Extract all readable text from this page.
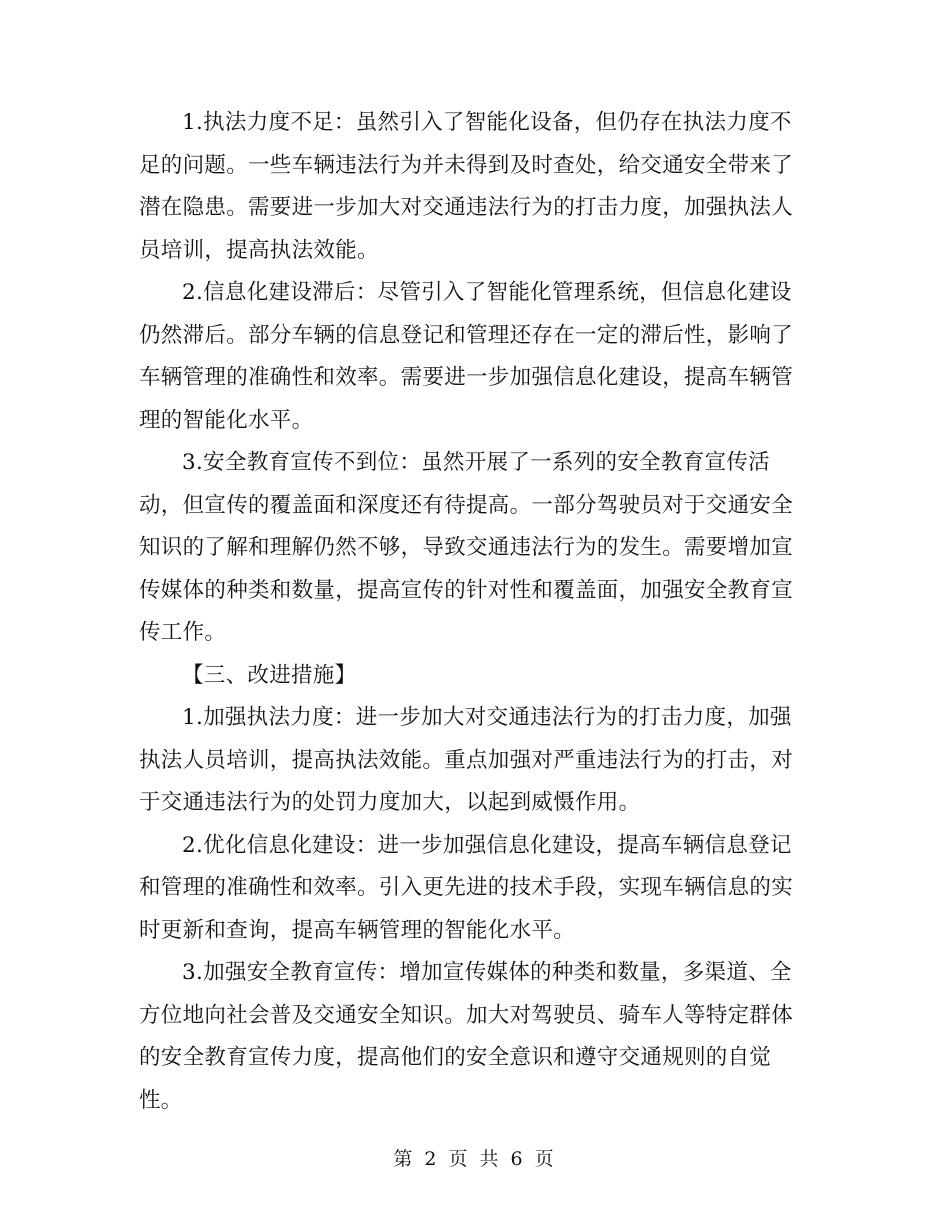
1.执法力度不足：虽然引入了智能化设备，但仍存在执法力度不足的问题。一些车辆违法行为并未得到及时查处，给交通安全带来了潜在隐患。需要进一步加大对交通违法行为的打击力度，加强执法人员培训，提高执法效能。

2.信息化建设滞后：尽管引入了智能化管理系统，但信息化建设仍然滞后。部分车辆的信息登记和管理还存在一定的滞后性，影响了车辆管理的准确性和效率。需要进一步加强信息化建设，提高车辆管理的智能化水平。

3.安全教育宣传不到位：虽然开展了一系列的安全教育宣传活动，但宣传的覆盖面和深度还有待提高。一部分驾驶员对于交通安全知识的了解和理解仍然不够，导致交通违法行为的发生。需要增加宣传媒体的种类和数量，提高宣传的针对性和覆盖面，加强安全教育宣传工作。

【三、改进措施】

1.加强执法力度：进一步加大对交通违法行为的打击力度，加强执法人员培训，提高执法效能。重点加强对严重违法行为的打击，对于交通违法行为的处罚力度加大，以起到威慑作用。

2.优化信息化建设：进一步加强信息化建设，提高车辆信息登记和管理的准确性和效率。引入更先进的技术手段，实现车辆信息的实时更新和查询，提高车辆管理的智能化水平。

3.加强安全教育宣传：增加宣传媒体的种类和数量，多渠道、全方位地向社会普及交通安全知识。加大对驾驶员、骑车人等特定群体的安全教育宣传力度，提高他们的安全意识和遵守交通规则的自觉性。

第 2 页 共 6 页
